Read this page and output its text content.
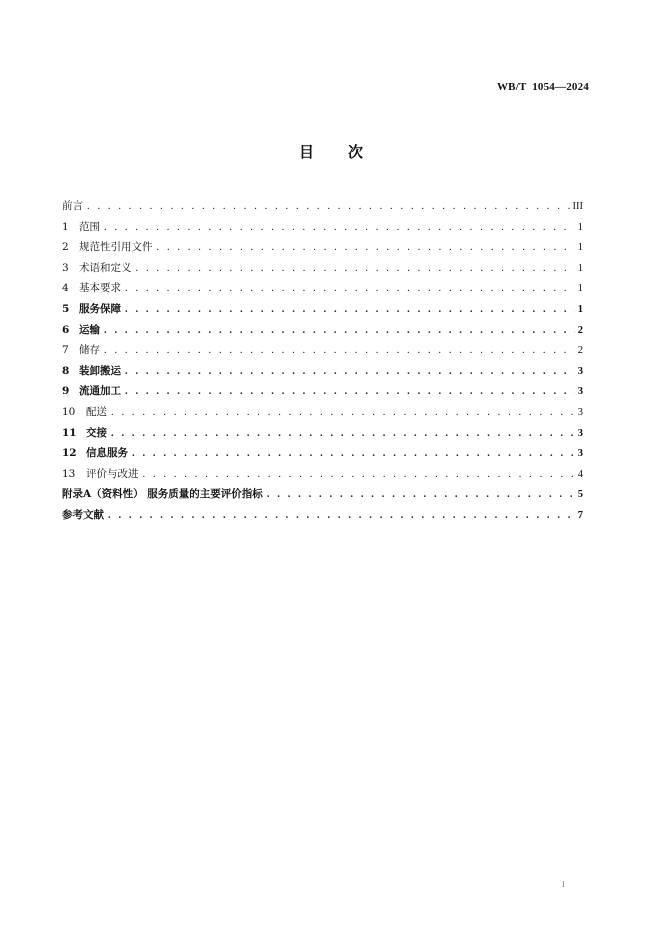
WB/T  1054—2024
目次
前言 . . .	III
1 范围 . . .	1
2 规范性引用文件 . . .	1
3 术语和定义 . . .	1
4 基本要求 . . .	1
5 服务保障 . . .	1
6 运输 . . .	2
7 储存 . . .	2
8 装卸搬运 . . .	3
9 流通加工 . . .	3
10	配送 . . .	3
11 交接 . . .	3
12 信息服务 . . .	3
13	评价与改进 . . .	4
附录A（资料性） 服务质量的主要评价指标 . . .	5
参考文献 . . .	7
I
